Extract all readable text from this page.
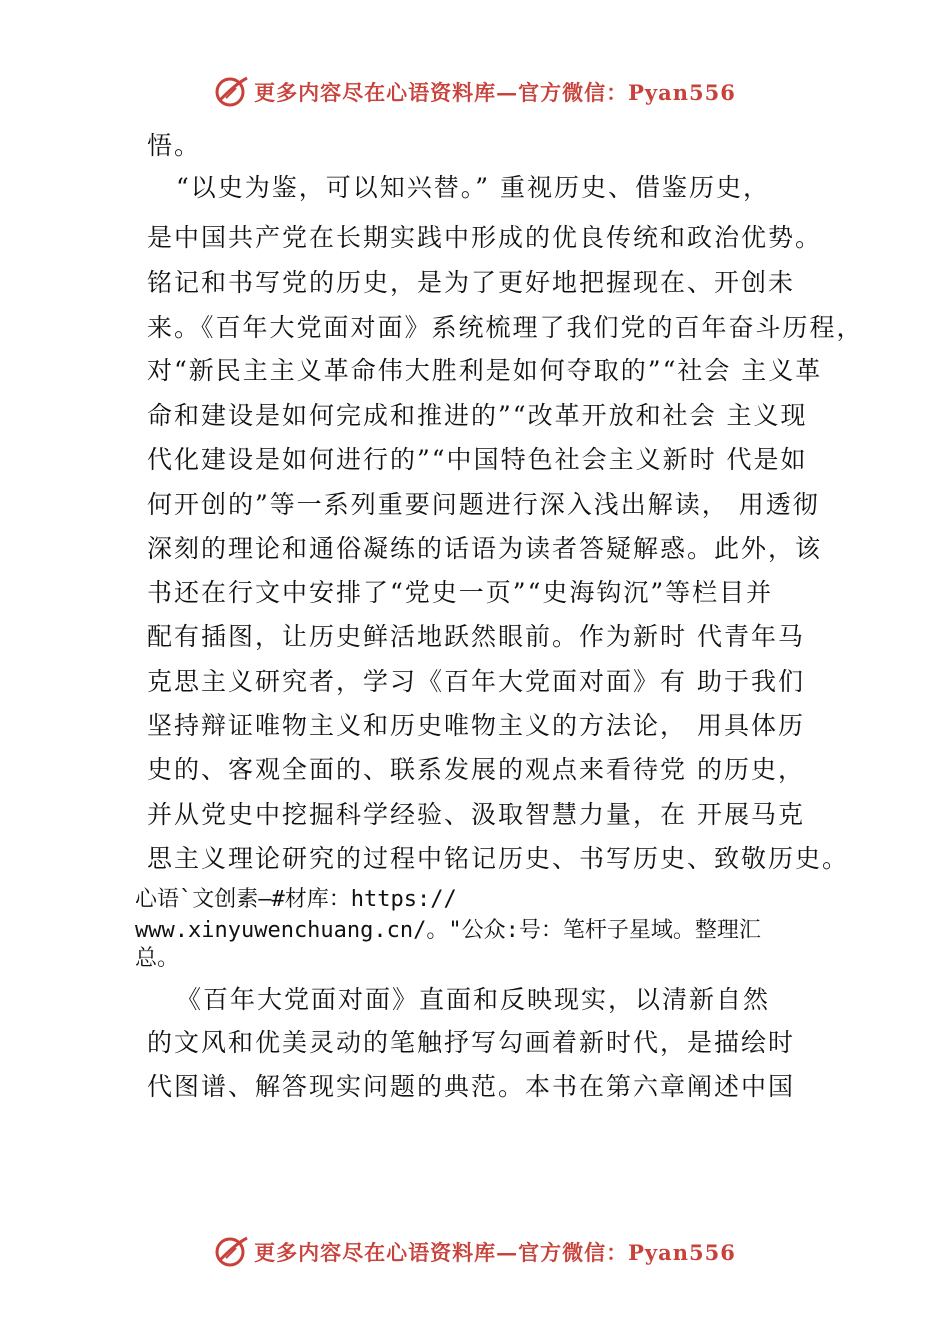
更多内容尽在心语资料库—官方微信：Pyan556
悟。
“以史为鉴，可以知兴替。” 重视历史、借鉴历史，
是中国共产党在长期实践中形成的优良传统和政治优势。
铭记和书写党的历史，是为了更好地把握现在、开创未
来。《百年大党面对面》系统梳理了我们党的百年奋斗历程，
对“新民主主义革命伟大胜利是如何夺取的”“社会 主义革
命和建设是如何完成和推进的”“改革开放和社会 主义现
代化建设是如何进行的”“中国特色社会主义新时 代是如
何开创的”等一系列重要问题进行深入浅出解读， 用透彻
深刻的理论和通俗凝练的话语为读者答疑解惑。此外，该
书还在行文中安排了“党史一页”“史海钩沉”等栏目并
配有插图，让历史鲜活地跃然眼前。作为新时 代青年马
克思主义研究者，学习《百年大党面对面》有 助于我们
坚持辩证唯物主义和历史唯物主义的方法论， 用具体历
史的、客观全面的、联系发展的观点来看待党 的历史，
并从党史中挖掘科学经验、汲取智慧力量，在 开展马克
思主义理论研究的过程中铭记历史、书写历史、致敬历史。
心语`文创素—#材库：https://
www.xinyuwenchuang.cn/。"公众:号：笔杆子星域。整理汇
总。
《百年大党面对面》直面和反映现实，以清新自然
的文风和优美灵动的笔触抒写勾画着新时代，是描绘时
代图谱、解答现实问题的典范。本书在第六章阐述中国
更多内容尽在心语资料库—官方微信：Pyan556
